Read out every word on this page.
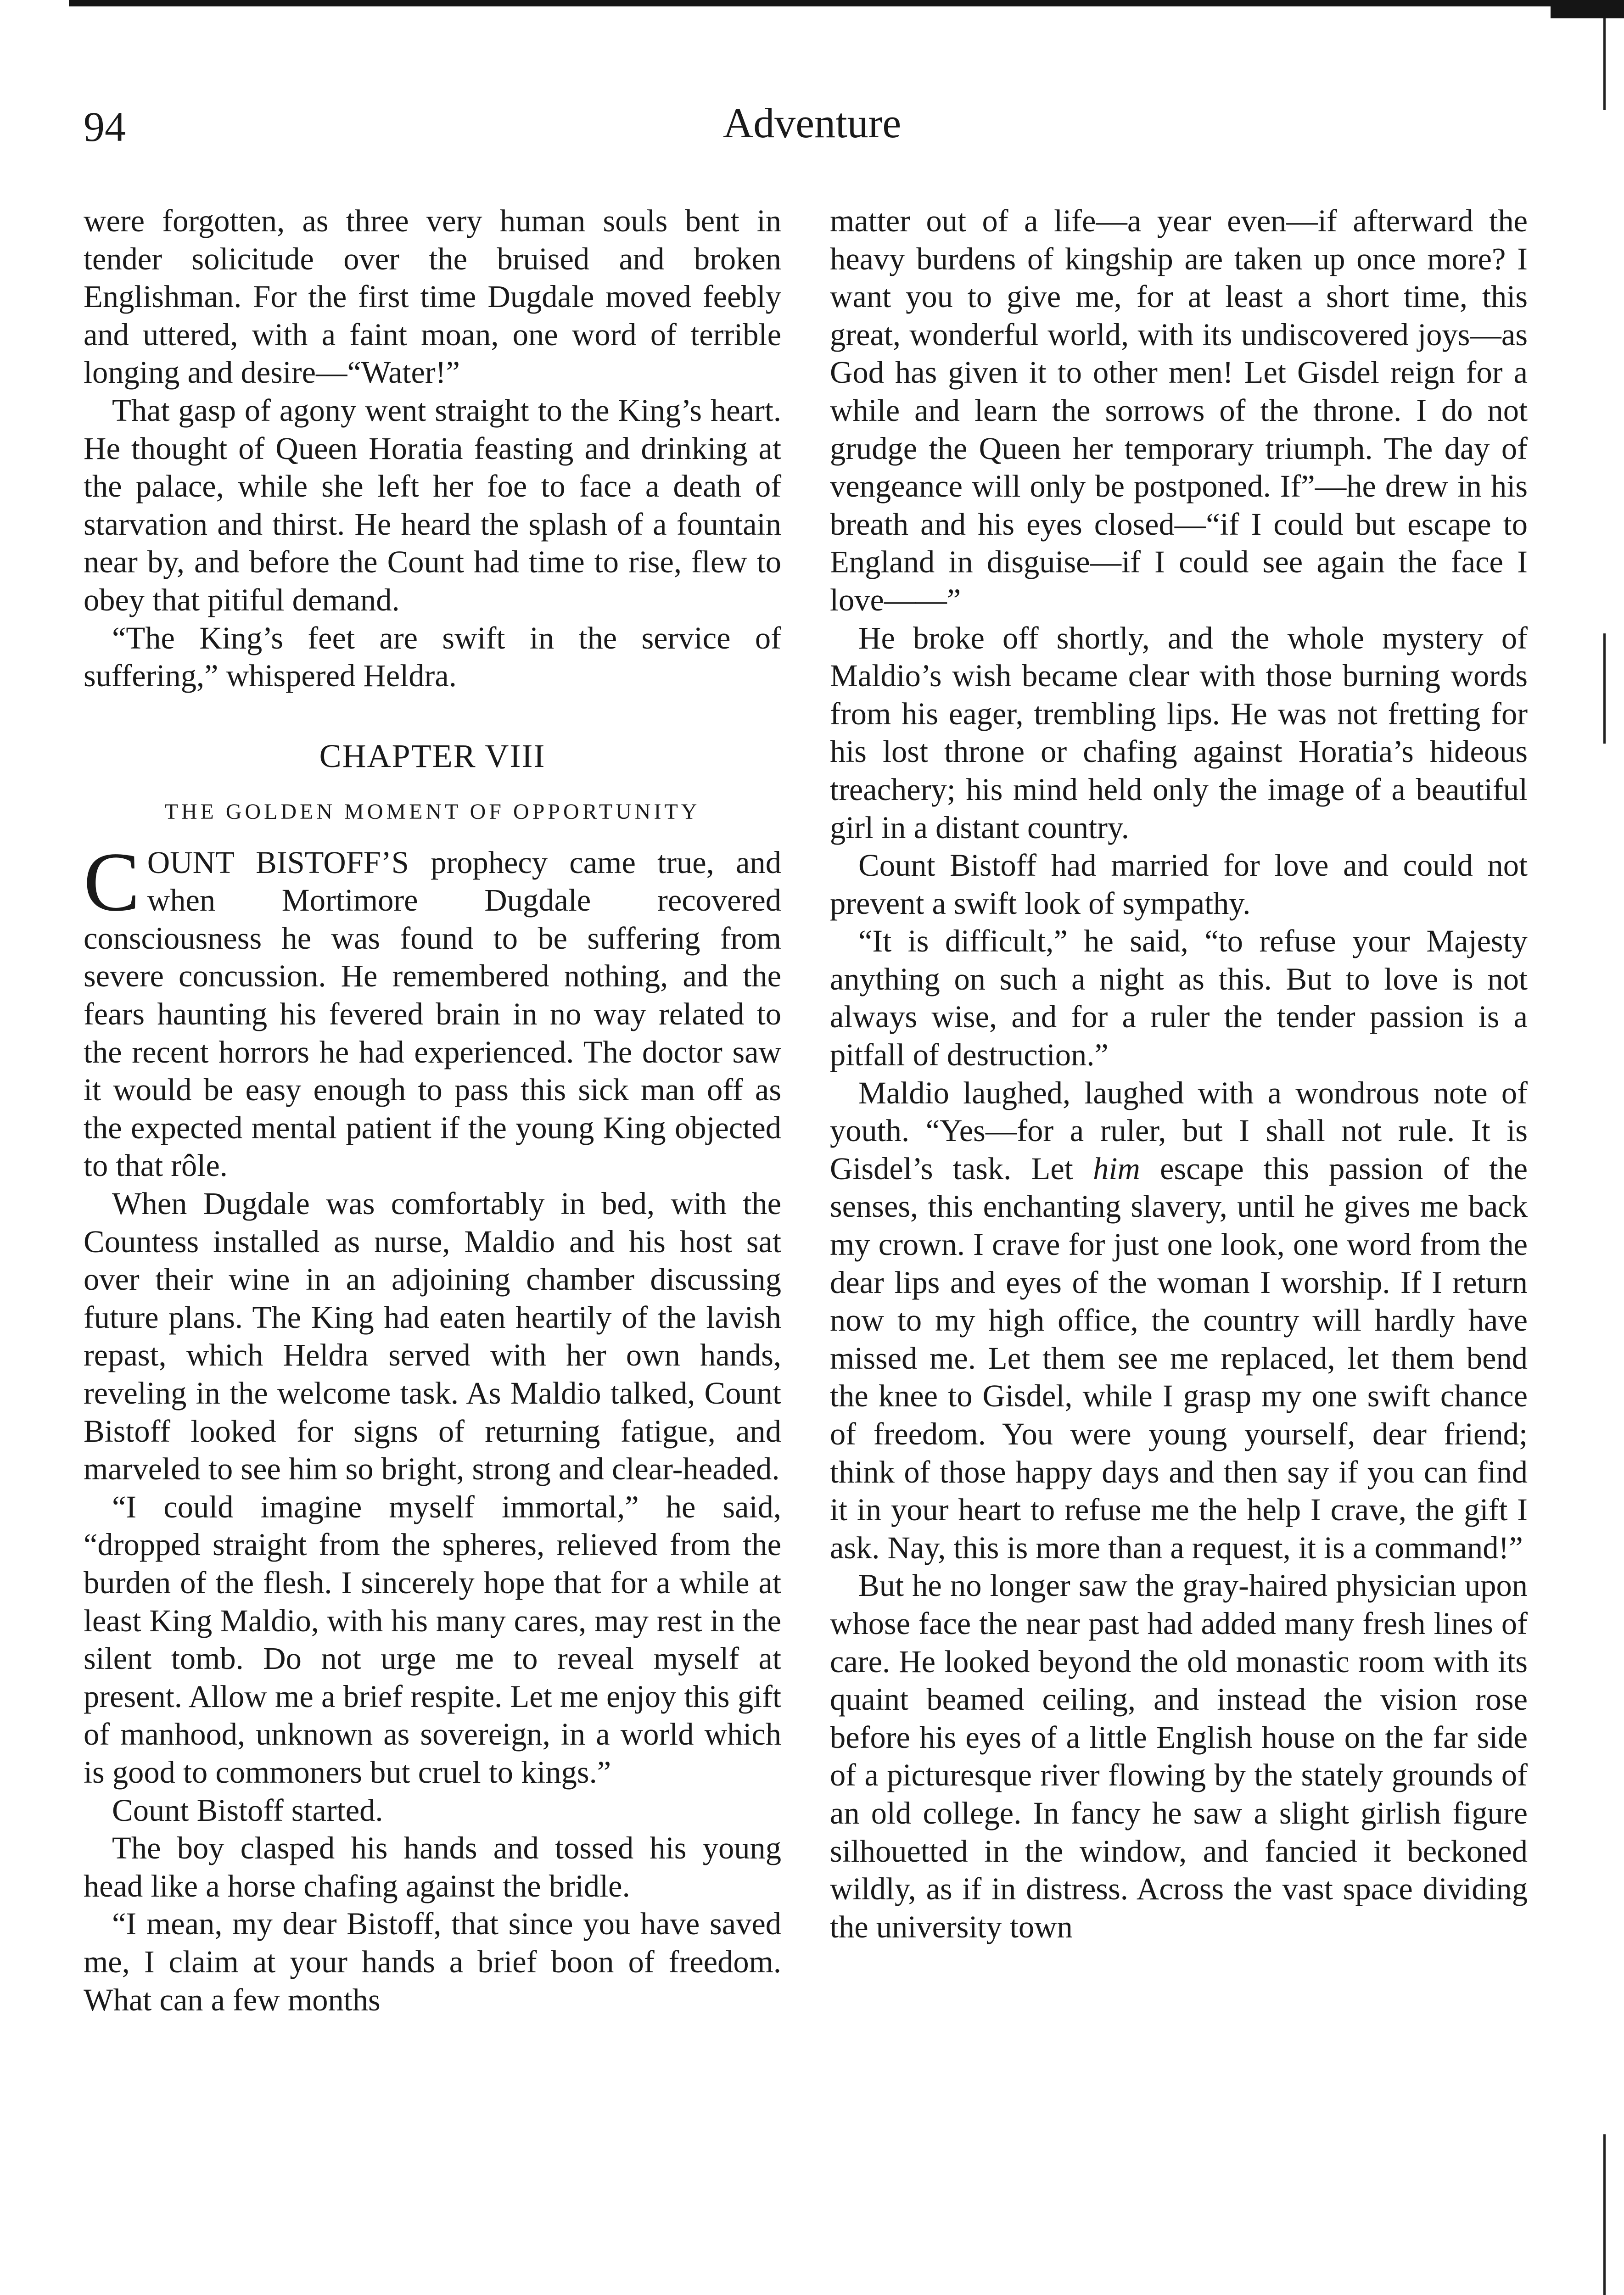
94	Adventure

were forgotten, as three very human souls bent in tender solicitude over the bruised and broken Englishman. For the first time Dugdale moved feebly and uttered, with a faint moan, one word of terrible longing and desire—“Water!”

That gasp of agony went straight to the King’s heart. He thought of Queen Horatia feasting and drinking at the palace, while she left her foe to face a death of starvation and thirst. He heard the splash of a fountain near by, and before the Count had time to rise, flew to obey that pitiful demand.

“The King’s feet are swift in the service of suffering,” whispered Heldra.

CHAPTER VIII
THE GOLDEN MOMENT OF OPPORTUNITY

COUNT BISTOFF’S prophecy came true, and when Mortimore Dugdale recovered consciousness he was found to be suffering from severe concussion. He remembered nothing, and the fears haunting his fevered brain in no way related to the recent horrors he had experienced. The doctor saw it would be easy enough to pass this sick man off as the expected mental patient if the young King objected to that rôle.

When Dugdale was comfortably in bed, with the Countess installed as nurse, Maldio and his host sat over their wine in an adjoining chamber discussing future plans. The King had eaten heartily of the lavish repast, which Heldra served with her own hands, reveling in the welcome task. As Maldio talked, Count Bistoff looked for signs of returning fatigue, and marveled to see him so bright, strong and clear-headed.

“I could imagine myself immortal,” he said, “dropped straight from the spheres, relieved from the burden of the flesh. I sincerely hope that for a while at least King Maldio, with his many cares, may rest in the silent tomb. Do not urge me to reveal myself at present. Allow me a brief respite. Let me enjoy this gift of manhood, unknown as sovereign, in a world which is good to commoners but cruel to kings.”

Count Bistoff started.

The boy clasped his hands and tossed his young head like a horse chafing against the bridle.

“I mean, my dear Bistoff, that since you have saved me, I claim at your hands a brief boon of freedom. What can a few months

matter out of a life—a year even—if afterward the heavy burdens of kingship are taken up once more? I want you to give me, for at least a short time, this great, wonderful world, with its undiscovered joys—as God has given it to other men! Let Gisdel reign for a while and learn the sorrows of the throne. I do not grudge the Queen her temporary triumph. The day of vengeance will only be postponed. If”—he drew in his breath and his eyes closed—“if I could but escape to England in disguise—if I could see again the face I love——”

He broke off shortly, and the whole mystery of Maldio’s wish became clear with those burning words from his eager, trembling lips. He was not fretting for his lost throne or chafing against Horatia’s hideous treachery; his mind held only the image of a beautiful girl in a distant country.

Count Bistoff had married for love and could not prevent a swift look of sympathy.

“It is difficult,” he said, “to refuse your Majesty anything on such a night as this. But to love is not always wise, and for a ruler the tender passion is a pitfall of destruction.”

Maldio laughed, laughed with a wondrous note of youth. “Yes—for a ruler, but I shall not rule. It is Gisdel’s task. Let him escape this passion of the senses, this enchanting slavery, until he gives me back my crown. I crave for just one look, one word from the dear lips and eyes of the woman I worship. If I return now to my high office, the country will hardly have missed me. Let them see me replaced, let them bend the knee to Gisdel, while I grasp my one swift chance of freedom. You were young yourself, dear friend; think of those happy days and then say if you can find it in your heart to refuse me the help I crave, the gift I ask. Nay, this is more than a request, it is a command!”

But he no longer saw the gray-haired physician upon whose face the near past had added many fresh lines of care. He looked beyond the old monastic room with its quaint beamed ceiling, and instead the vision rose before his eyes of a little English house on the far side of a picturesque river flowing by the stately grounds of an old college. In fancy he saw a slight girlish figure silhouetted in the window, and fancied it beckoned wildly, as if in distress. Across the vast space dividing the university town
